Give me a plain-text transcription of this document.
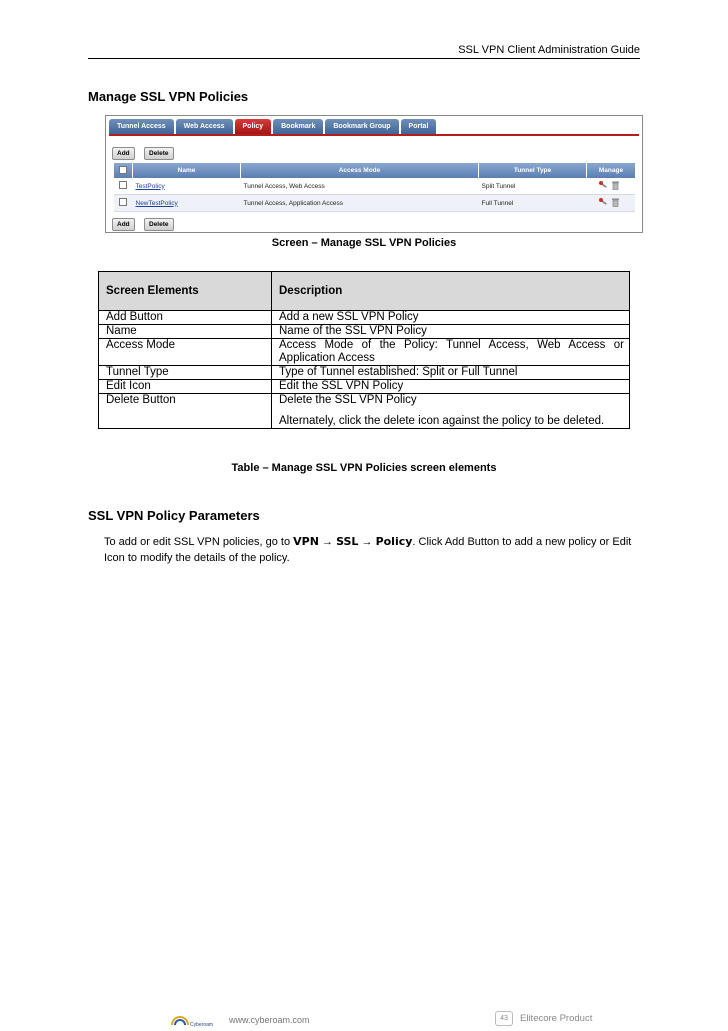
SSL VPN Client Administration Guide
Manage SSL VPN Policies
Tunnel Access	Web Access	Policy	Bookmark	Bookmark Group	Portal
Add	Delete
	Name	Access Mode	Tunnel Type	Manage
	TestPolicy	Tunnel Access, Web Access	Split Tunnel	
	NewTestPolicy	Tunnel Access, Application Access	Full Tunnel	
Add	Delete
Screen – Manage SSL VPN Policies
Screen Elements	Description
Add Button	Add a new SSL VPN Policy
Name	Name of the SSL VPN Policy
Access Mode	Access Mode of the Policy: Tunnel Access, Web Access or Application Access
Tunnel Type	Type of Tunnel established: Split or Full Tunnel
Edit Icon	Edit the SSL VPN Policy
Delete Button	Delete the SSL VPN Policy
Alternately, click the delete icon against the policy to be deleted.
Table – Manage SSL VPN Policies screen elements
SSL VPN Policy Parameters
To add or edit SSL VPN policies, go to VPN → SSL → Policy. Click Add Button to add a new policy or Edit Icon to modify the details of the policy.
Cyberoam www.cyberoam.com	43	Elitecore Product
